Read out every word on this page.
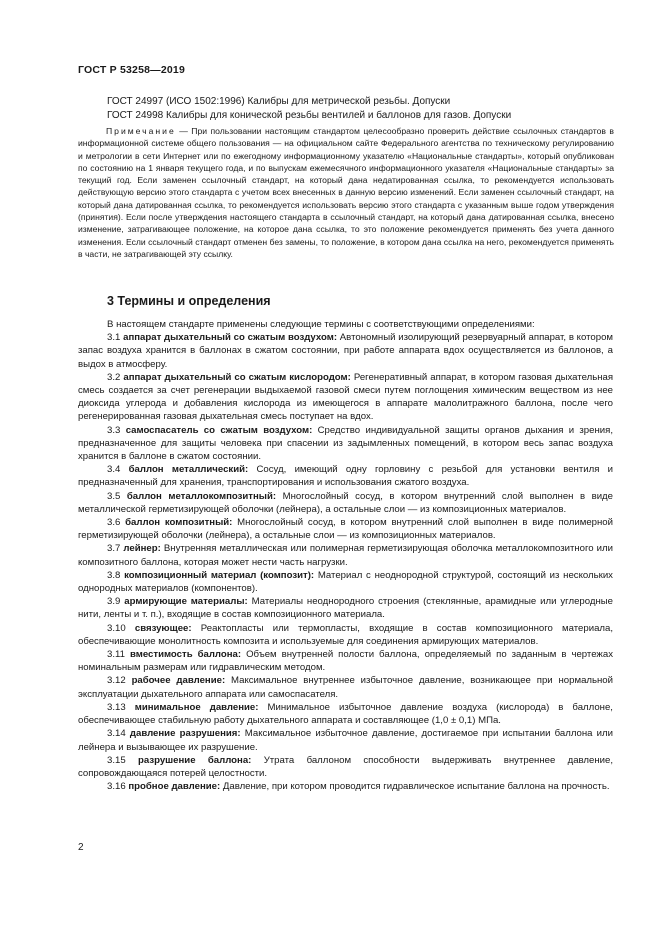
ГОСТ Р 53258—2019
ГОСТ 24997 (ИСО 1502:1996) Калибры для метрической резьбы. Допуски
ГОСТ 24998 Калибры для конической резьбы вентилей и баллонов для газов. Допуски
Примечание — При пользовании настоящим стандартом целесообразно проверить действие ссылочных стандартов в информационной системе общего пользования — на официальном сайте Федерального агентства по техническому регулированию и метрологии в сети Интернет или по ежегодному информационному указателю «Национальные стандарты», который опубликован по состоянию на 1 января текущего года, и по выпускам ежемесячного информационного указателя «Национальные стандарты» за текущий год. Если заменен ссылочный стандарт, на который дана недатированная ссылка, то рекомендуется использовать действующую версию этого стандарта с учетом всех внесенных в данную версию изменений. Если заменен ссылочный стандарт, на который дана датированная ссылка, то рекомендуется использовать версию этого стандарта с указанным выше годом утверждения (принятия). Если после утверждения настоящего стандарта в ссылочный стандарт, на который дана датированная ссылка, внесено изменение, затрагивающее положение, на которое дана ссылка, то это положение рекомендуется применять без учета данного изменения. Если ссылочный стандарт отменен без замены, то положение, в котором дана ссылка на него, рекомендуется применять в части, не затрагивающей эту ссылку.
3 Термины и определения

В настоящем стандарте применены следующие термины с соответствующими определениями:

3.1 аппарат дыхательный со сжатым воздухом: Автономный изолирующий резервуарный аппарат, в котором запас воздуха хранится в баллонах в сжатом состоянии, при работе аппарата вдох осуществляется из баллонов, а выдох в атмосферу.

3.2 аппарат дыхательный со сжатым кислородом: Регенеративный аппарат, в котором газовая дыхательная смесь создается за счет регенерации выдыхаемой газовой смеси путем поглощения химическим веществом из нее диоксида углерода и добавления кислорода из имеющегося в аппарате малолитражного баллона, после чего регенерированная газовая дыхательная смесь поступает на вдох.

3.3 самоспасатель со сжатым воздухом: Средство индивидуальной защиты органов дыхания и зрения, предназначенное для защиты человека при спасении из задымленных помещений, в котором весь запас воздуха хранится в баллоне в сжатом состоянии.

3.4 баллон металлический: Сосуд, имеющий одну горловину с резьбой для установки вентиля и предназначенный для хранения, транспортирования и использования сжатого воздуха.

3.5 баллон металлокомпозитный: Многослойный сосуд, в котором внутренний слой выполнен в виде металлической герметизирующей оболочки (лейнера), а остальные слои — из композиционных материалов.

3.6 баллон композитный: Многослойный сосуд, в котором внутренний слой выполнен в виде полимерной герметизирующей оболочки (лейнера), а остальные слои — из композиционных материалов.

3.7 лейнер: Внутренняя металлическая или полимерная герметизирующая оболочка металлокомпозитного или композитного баллона, которая может нести часть нагрузки.

3.8 композиционный материал (композит): Материал с неоднородной структурой, состоящий из нескольких однородных материалов (компонентов).

3.9 армирующие материалы: Материалы неоднородного строения (стеклянные, арамидные или углеродные нити, ленты и т. п.), входящие в состав композиционного материала.

3.10 связующее: Реактопласты или термопласты, входящие в состав композиционного материала, обеспечивающие монолитность композита и используемые для соединения армирующих материалов.

3.11 вместимость баллона: Объем внутренней полости баллона, определяемый по заданным в чертежах номинальным размерам или гидравлическим методом.

3.12 рабочее давление: Максимальное внутреннее избыточное давление, возникающее при нормальной эксплуатации дыхательного аппарата или самоспасателя.

3.13 минимальное давление: Минимальное избыточное давление воздуха (кислорода) в баллоне, обеспечивающее стабильную работу дыхательного аппарата и составляющее (1,0 ± 0,1) МПа.

3.14 давление разрушения: Максимальное избыточное давление, достигаемое при испытании баллона или лейнера и вызывающее их разрушение.

3.15 разрушение баллона: Утрата баллоном способности выдерживать внутреннее давление, сопровождающаяся потерей целостности.

3.16 пробное давление: Давление, при котором проводится гидравлическое испытание баллона на прочность.

2
